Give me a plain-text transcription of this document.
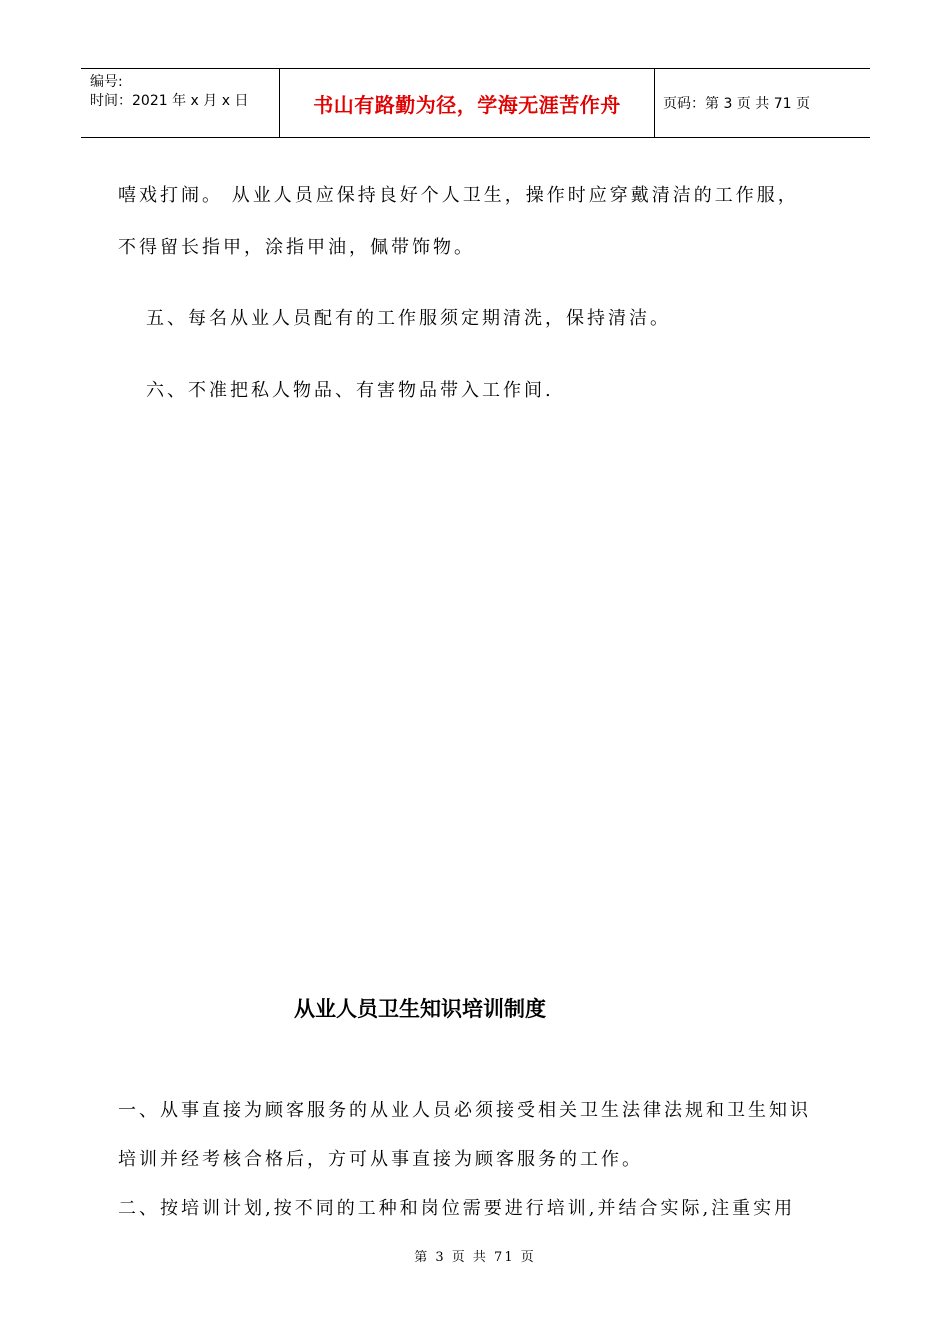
编号:
时间：2021 年 x 月 x 日	书山有路勤为径，学海无涯苦作舟	页码：第 3 页 共 71 页
嘻戏打闹。 从业人员应保持良好个人卫生，操作时应穿戴清洁的工作服，
不得留长指甲，涂指甲油，佩带饰物。
五、每名从业人员配有的工作服须定期清洗，保持清洁。
六、不准把私人物品、有害物品带入工作间.
从业人员卫生知识培训制度
一、从事直接为顾客服务的从业人员必须接受相关卫生法律法规和卫生知识
培训并经考核合格后，方可从事直接为顾客服务的工作。
二、按培训计划,按不同的工种和岗位需要进行培训,并结合实际,注重实用
第 3 页 共 71 页
